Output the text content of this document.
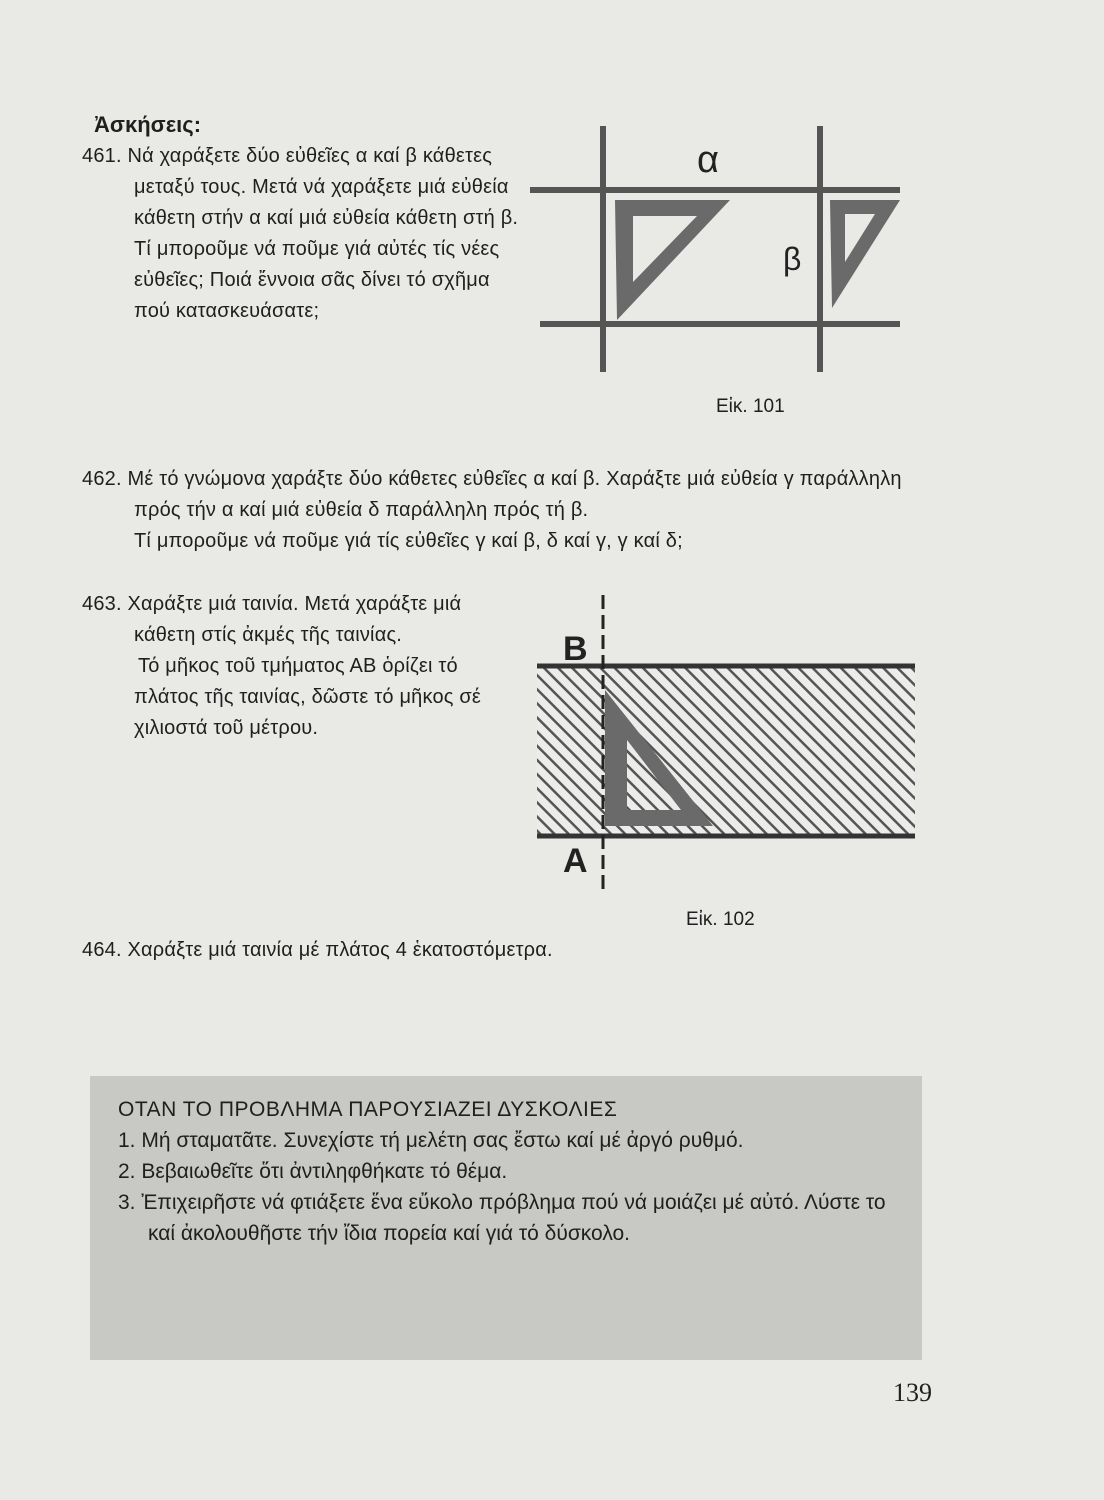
Ἀσκήσεις:
461. Νά χαράξετε δύο εὐθεῖες α καί β κάθετες μεταξύ τους. Μετά νά χαράξετε μιά εὐθεία κάθετη στήν α καί μιά εὐθεία κάθετη στή β. Τί μποροῦμε νά ποῦμε γιά αὐτές τίς νέες εὐθεῖες; Ποιά ἔννοια σᾶς δίνει τό σχῆμα πού κατασκευάσατε;
α
β
Εἰκ. 101
462. Μέ τό γνώμονα χαράξτε δύο κάθετες εὐθεῖες α καί β. Χαράξτε μιά εὐθεία γ παράλληλη πρός τήν α καί μιά εὐθεία δ παράλληλη πρός τή β.
Τί μποροῦμε νά ποῦμε γιά τίς εὐθεῖες γ καί β, δ καί γ, γ καί δ;
463. Χαράξτε μιά ταινία. Μετά χαράξτε μιά κάθετη στίς ἀκμές τῆς ταινίας.
Τό μῆκος τοῦ τμήματος ΑΒ ὁρίζει τό πλάτος τῆς ταινίας, δῶστε τό μῆκος σέ χιλιοστά τοῦ μέτρου.
B
A
Εἰκ. 102
464. Χαράξτε μιά ταινία μέ πλάτος 4 ἑκατοστόμετρα.
ΟΤΑΝ ΤΟ ΠΡΟΒΛΗΜΑ ΠΑΡΟΥΣΙΑΖΕΙ ΔΥΣΚΟΛΙΕΣ
1. Μή σταματᾶτε. Συνεχίστε τή μελέτη σας ἔστω καί μέ ἀργό ρυθμό.
2. Βεβαιωθεῖτε ὅτι ἀντιληφθήκατε τό θέμα.
3. Ἐπιχειρῆστε νά φτιάξετε ἕνα εὔκολο πρόβλημα πού νά μοιάζει μέ αὐτό. Λύστε το καί ἀκολουθῆστε τήν ἴδια πορεία καί γιά τό δύσκολο.
139
